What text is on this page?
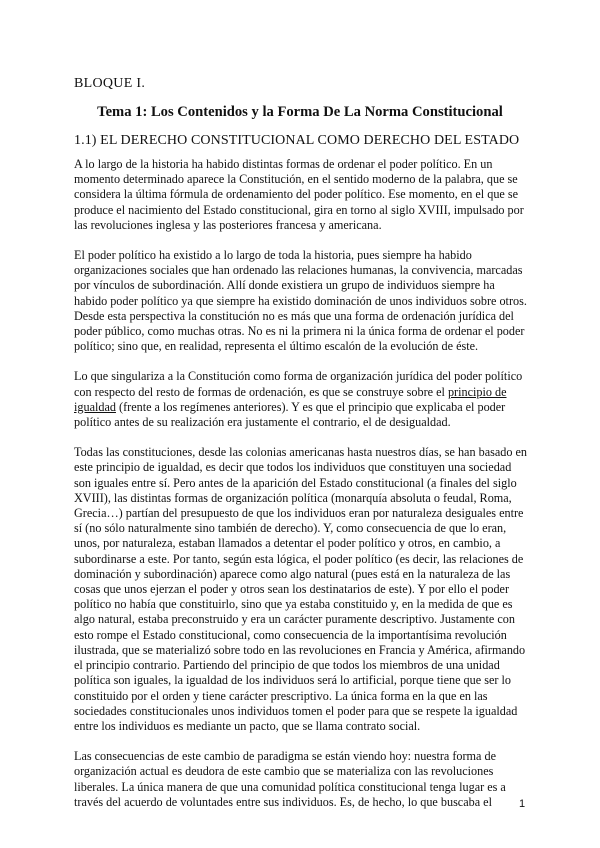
BLOQUE I.
Tema 1: Los Contenidos y la Forma De La Norma Constitucional
1.1) EL DERECHO CONSTITUCIONAL COMO DERECHO DEL ESTADO

A lo largo de la historia ha habido distintas formas de ordenar el poder político. En un momento determinado aparece la Constitución, en el sentido moderno de la palabra, que se considera la última fórmula de ordenamiento del poder político. Ese momento, en el que se produce el nacimiento del Estado constitucional, gira en torno al siglo XVIII, impulsado por las revoluciones inglesa y las posteriores francesa y americana.

El poder político ha existido a lo largo de toda la historia, pues siempre ha habido organizaciones sociales que han ordenado las relaciones humanas, la convivencia, marcadas por vínculos de subordinación. Allí donde existiera un grupo de individuos siempre ha habido poder político ya que siempre ha existido dominación de unos individuos sobre otros. Desde esta perspectiva la constitución no es más que una forma de ordenación jurídica del poder público, como muchas otras. No es ni la primera ni la única forma de ordenar el poder político; sino que, en realidad, representa el último escalón de la evolución de éste.

Lo que singulariza a la Constitución como forma de organización jurídica del poder político con respecto del resto de formas de ordenación, es que se construye sobre el principio de igualdad (frente a los regímenes anteriores). Y es que el principio que explicaba el poder político antes de su realización era justamente el contrario, el de desigualdad.

Todas las constituciones, desde las colonias americanas hasta nuestros días, se han basado en este principio de igualdad, es decir que todos los individuos que constituyen una sociedad son iguales entre sí. Pero antes de la aparición del Estado constitucional (a finales del siglo XVIII), las distintas formas de organización política (monarquía absoluta o feudal, Roma, Grecia…) partían del presupuesto de que los individuos eran por naturaleza desiguales entre sí (no sólo naturalmente sino también de derecho). Y, como consecuencia de que lo eran, unos, por naturaleza, estaban llamados a detentar el poder político y otros, en cambio, a subordinarse a este. Por tanto, según esta lógica, el poder político (es decir, las relaciones de dominación y subordinación) aparece como algo natural (pues está en la naturaleza de las cosas que unos ejerzan el poder y otros sean los destinatarios de este). Y por ello el poder político no había que constituirlo, sino que ya estaba constituido y, en la medida de que es algo natural, estaba preconstruido y era un carácter puramente descriptivo. Justamente con esto rompe el Estado constitucional, como consecuencia de la importantísima revolución ilustrada, que se materializó sobre todo en las revoluciones en Francia y América, afirmando el principio contrario. Partiendo del principio de que todos los miembros de una unidad política son iguales, la igualdad de los individuos será lo artificial, porque tiene que ser lo constituido por el orden y tiene carácter prescriptivo. La única forma en la que en las sociedades constitucionales unos individuos tomen el poder para que se respete la igualdad entre los individuos es mediante un pacto, que se llama contrato social.

Las consecuencias de este cambio de paradigma se están viendo hoy: nuestra forma de organización actual es deudora de este cambio que se materializa con las revoluciones liberales. La única manera de que una comunidad política constitucional tenga lugar es a través del acuerdo de voluntades entre sus individuos. Es, de hecho, lo que buscaba el	1
